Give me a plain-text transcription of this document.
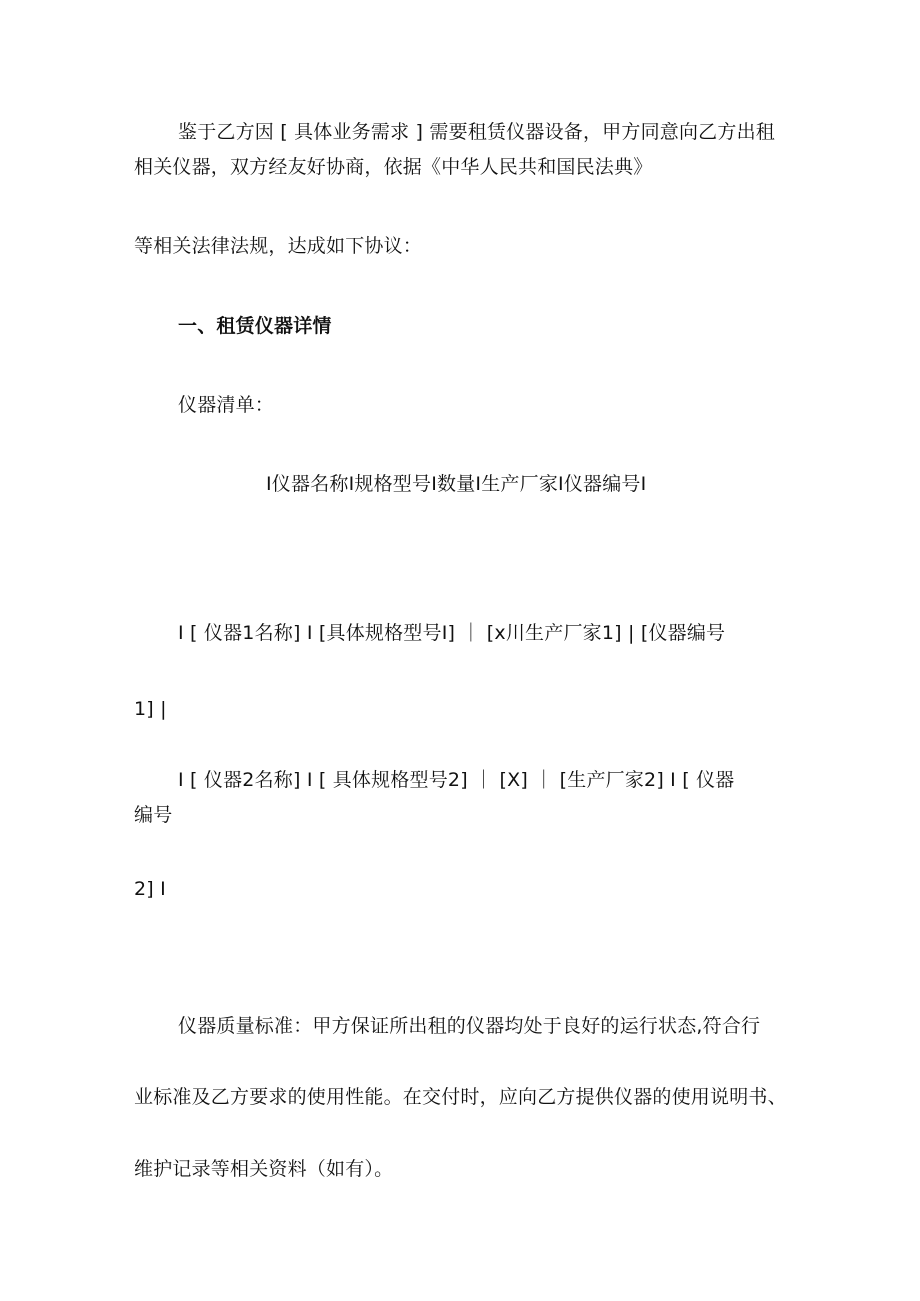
鉴于乙方因 [ 具体业务需求 ] 需要租赁仪器设备，甲方同意向乙方出租
相关仪器，双方经友好协商，依据《中华人民共和国民法典》
等相关法律法规，达成如下协议：
一、租赁仪器详情
仪器清单：
I仪器名称I规格型号I数量I生产厂家I仪器编号I
I [ 仪器1名称] I [具体规格型号I] ｜ [x川生产厂家1] | [仪器编号
1] |
I [ 仪器2名称] I [ 具体规格型号2] ｜ [X] ｜ [生产厂家2] I [ 仪器
编号
2] I
仪器质量标准：甲方保证所出租的仪器均处于良好的运行状态,符合行
业标准及乙方要求的使用性能。在交付时，应向乙方提供仪器的使用说明书、
维护记录等相关资料（如有）。
